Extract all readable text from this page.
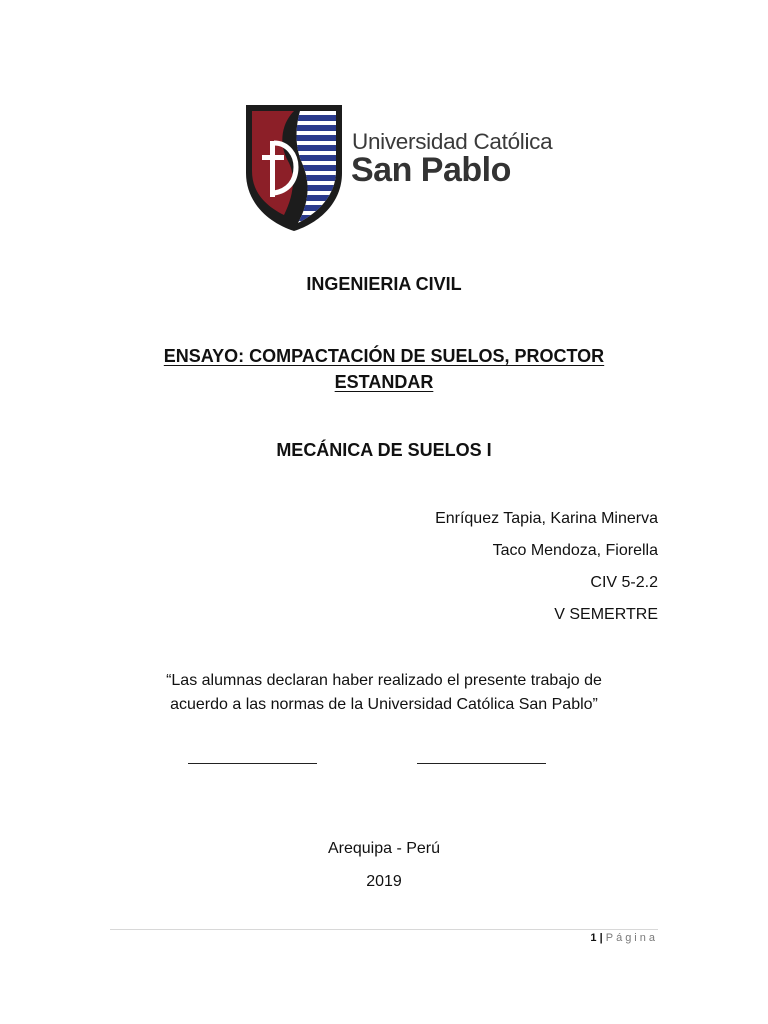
Universidad Católica
San Pablo
INGENIERIA CIVIL
ENSAYO: COMPACTACIÓN DE SUELOS, PROCTOR
ESTANDAR
MECÁNICA DE SUELOS I
Enríquez Tapia, Karina Minerva
Taco Mendoza, Fiorella
CIV 5-2.2
V SEMERTRE
“Las alumnas declaran haber realizado el presente trabajo de
acuerdo a las normas de la Universidad Católica San Pablo”
Arequipa - Perú
2019
1 | Página
